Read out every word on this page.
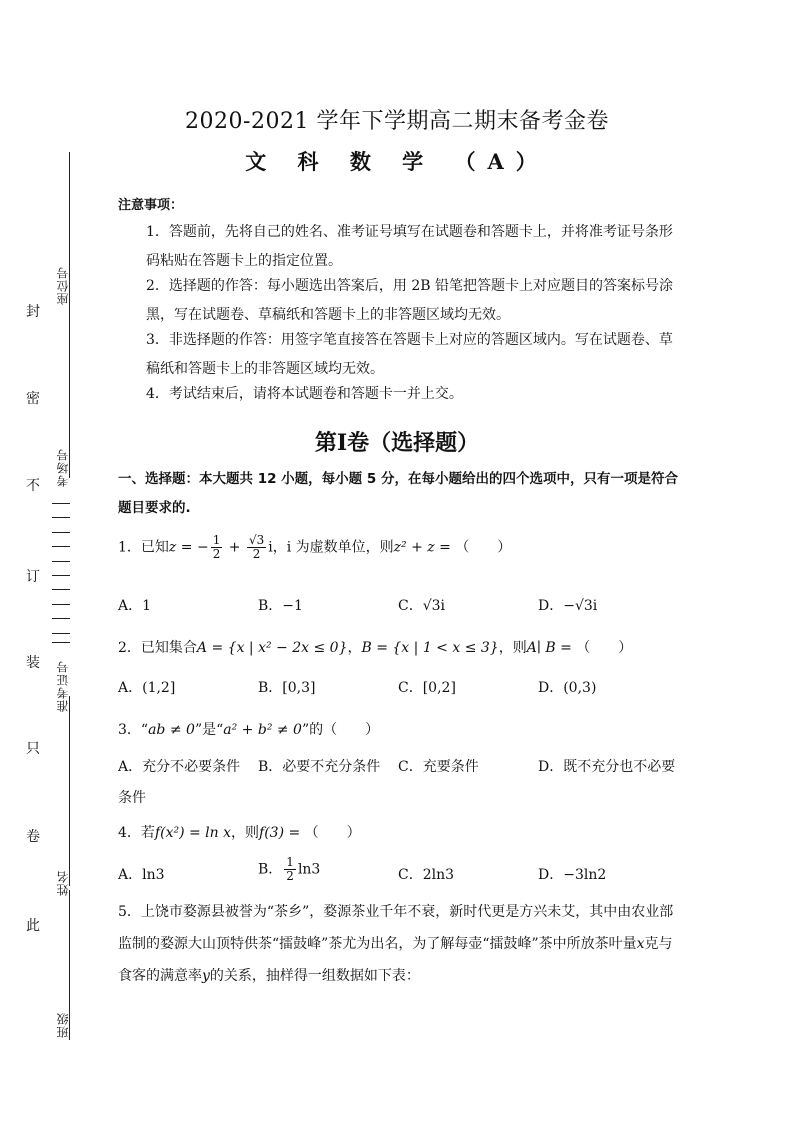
座位号
考场号
准考证号
姓名
班级
封
密
不
订
装
只
卷
此
2020-2021 学年下学期高二期末备考金卷
文 科 数 学 （A）
注意事项：
1．答题前，先将自己的姓名、准考证号填写在试题卷和答题卡上，并将准考证号条形码粘贴在答题卡上的指定位置。
2．选择题的作答：每小题选出答案后，用 2B 铅笔把答题卡上对应题目的答案标号涂黑，写在试题卷、草稿纸和答题卡上的非答题区域均无效。
3．非选择题的作答：用签字笔直接答在答题卡上对应的答题区域内。写在试题卷、草稿纸和答题卡上的非答题区域均无效。
4．考试结束后，请将本试题卷和答题卡一并上交。
第Ⅰ卷（选择题）
一、选择题：本大题共 12 小题，每小题 5 分，在每小题给出的四个选项中，只有一项是符合题目要求的.
1．已知z = − $\frac{1}{2} + \frac{√3}{2}$ i，i 为虚数单位，则z² + z = （　　）
A．1	B．−1	C．√3i	D．−√3i
2．已知集合A = {x | x² − 2x ≤ 0}，B = {x | 1 < x ≤ 3}，则A∣ B = （　　）
A．(1,2]	B．[0,3]	C．[0,2]	D．(0,3)
3．“ab ≠ 0”是“a² + b² ≠ 0”的（　　）
A．充分不必要条件 B．必要不充分条件 C．充要条件	D．既不充分也不必要
条件
4．若f(x²) = ln x，则f(3) = （　　）
A．ln3	B． $\frac{1}{2} \ln 3$	C．2ln3	D．−3ln2
5．上饶市婺源县被誉为“茶乡”，婺源茶业千年不衰，新时代更是方兴未艾，其中由农业部
监制的婺源大山顶特供茶“擂鼓峰”茶尤为出名，为了解每壶“擂鼓峰”茶中所放茶叶量x克与
食客的满意率y的关系，抽样得一组数据如下表：
